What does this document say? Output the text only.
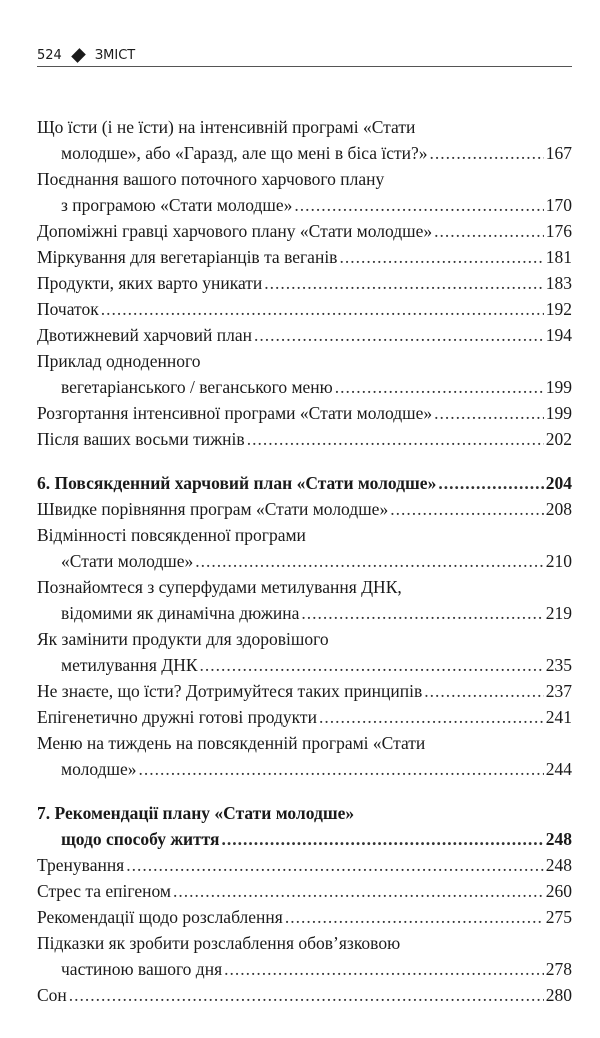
524	ЗМІСТ
Що їсти (і не їсти) на інтенсивній програмі «Стати
молодше», або «Гаразд, але що мені в біса їсти?» .....	167
Поєднання вашого поточного харчового плану
з програмою «Стати молодше» .....	170
Допоміжні гравці харчового плану «Стати молодше» .....	176
Міркування для вегетаріанців та веганів .....	181
Продукти, яких варто уникати .....	183
Початок .....	192
Двотижневий харчовий план .....	194
Приклад одноденного
вегетаріанського / веганського меню .....	199
Розгортання інтенсивної програми «Стати молодше» .....	199
Після ваших восьми тижнів .....	202
6. Повсякденний харчовий план «Стати молодше» .....	204
Швидке порівняння програм «Стати молодше» .....	208
Відмінності повсякденної програми
«Стати молодше» .....	210
Познайомтеся з суперфудами метилування ДНК,
відомими як динамічна дюжина .....	219
Як замінити продукти для здоровішого
метилування ДНК .....	235
Не знаєте, що їсти? Дотримуйтеся таких принципів .....	237
Епігенетично дружні готові продукти .....	241
Меню на тиждень на повсякденній програмі «Стати
молодше» .....	244
7. Рекомендації плану «Стати молодше»
щодо способу життя .....	248
Тренування .....	248
Стрес та епігеном .....	260
Рекомендації щодо розслаблення .....	275
Підказки як зробити розслаблення обов’язковою
частиною вашого дня .....	278
Сон .....	280
